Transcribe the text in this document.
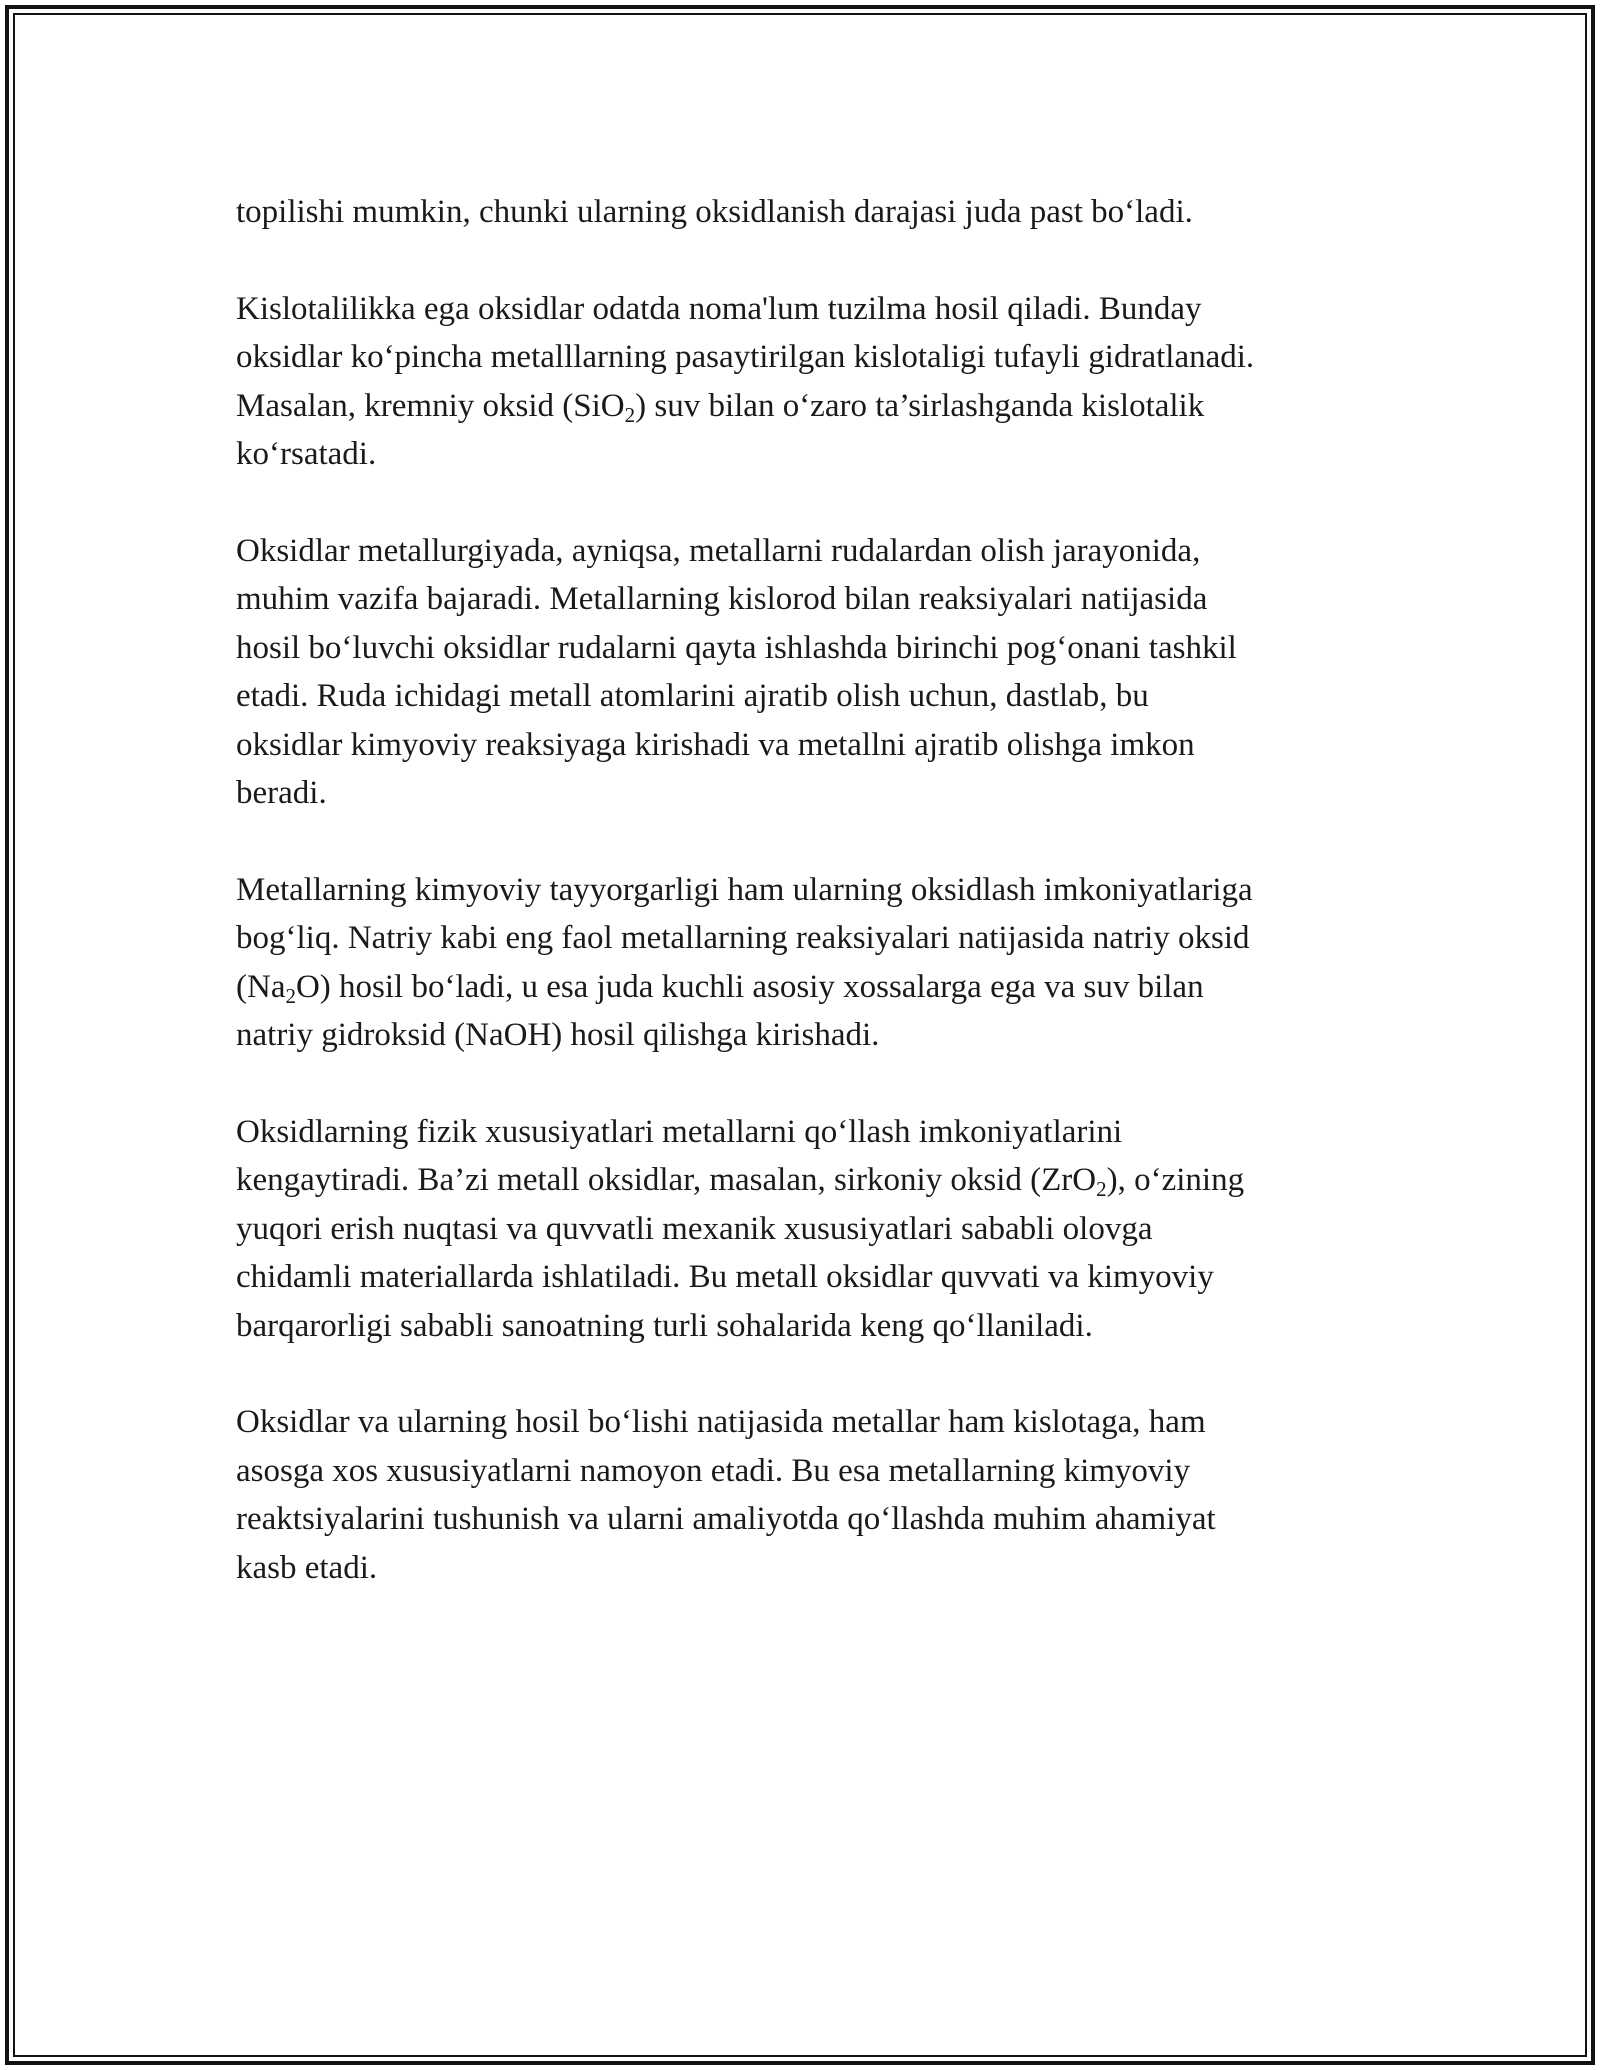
topilishi mumkin, chunki ularning oksidlanish darajasi juda past bo‘ladi.

Kislotalilikka ega oksidlar odatda noma'lum tuzilma hosil qiladi. Bunday
oksidlar ko‘pincha metalllarning pasaytirilgan kislotaligi tufayli gidratlanadi.
Masalan, kremniy oksid (SiO$_2$) suv bilan o‘zaro ta’sirlashganda kislotalik
ko‘rsatadi.

Oksidlar metallurgiyada, ayniqsa, metallarni rudalardan olish jarayonida,
muhim vazifa bajaradi. Metallarning kislorod bilan reaksiyalari natijasida
hosil bo‘luvchi oksidlar rudalarni qayta ishlashda birinchi pog‘onani tashkil
etadi. Ruda ichidagi metall atomlarini ajratib olish uchun, dastlab, bu
oksidlar kimyoviy reaksiyaga kirishadi va metallni ajratib olishga imkon
beradi.

Metallarning kimyoviy tayyorgarligi ham ularning oksidlash imkoniyatlariga
bog‘liq. Natriy kabi eng faol metallarning reaksiyalari natijasida natriy oksid
$(Na_2O)$ hosil bo‘ladi, u esa juda kuchli asosiy xossalarga ega va suv bilan
natriy gidroksid (NaOH) hosil qilishga kirishadi.

Oksidlarning fizik xususiyatlari metallarni qo‘llash imkoniyatlarini
kengaytiradi. Ba’zi metall oksidlar, masalan, sirkoniy oksid (ZrO$_2$), o‘zining
yuqori erish nuqtasi va quvvatli mexanik xususiyatlari sababli olovga
chidamli materiallarda ishlatiladi. Bu metall oksidlar quvvati va kimyoviy
barqarorligi sababli sanoatning turli sohalarida keng qo‘llaniladi.

Oksidlar va ularning hosil bo‘lishi natijasida metallar ham kislotaga, ham
asosga xos xususiyatlarni namoyon etadi. Bu esa metallarning kimyoviy
reaktsiyalarini tushunish va ularni amaliyotda qo‘llashda muhim ahamiyat
kasb etadi.
